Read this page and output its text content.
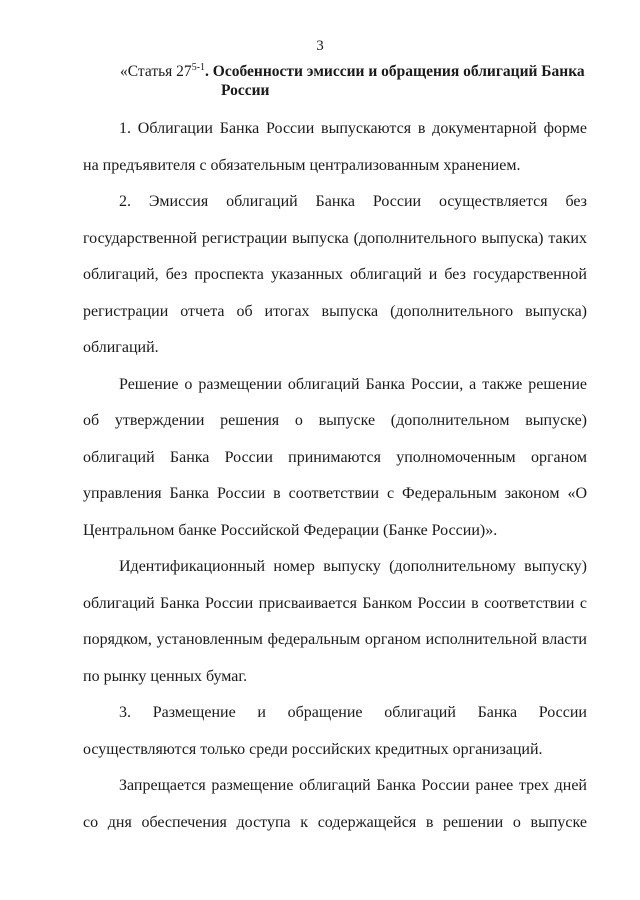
3
«Статья 27$^{5-1}$. Особенности эмиссии и обращения облигаций Банка
России

1. Облигации Банка России выпускаются в документарной форме на предъявителя с обязательным централизованным хранением.

2. Эмиссия облигаций Банка России осуществляется без государственной регистрации выпуска (дополнительного выпуска) таких облигаций, без проспекта указанных облигаций и без государственной регистрации отчета об итогах выпуска (дополнительного выпуска) облигаций.

Решение о размещении облигаций Банка России, а также решение об утверждении решения о выпуске (дополнительном выпуске) облигаций Банка России принимаются уполномоченным органом управления Банка России в соответствии с Федеральным законом «О Центральном банке Российской Федерации (Банке России)».

Идентификационный номер выпуску (дополнительному выпуску) облигаций Банка России присваивается Банком России в соответствии с порядком, установленным федеральным органом исполнительной власти по рынку ценных бумаг.

3. Размещение и обращение облигаций Банка России осуществляются только среди российских кредитных организаций.

Запрещается размещение облигаций Банка России ранее трех дней со дня обеспечения доступа к содержащейся в решении о выпуске
